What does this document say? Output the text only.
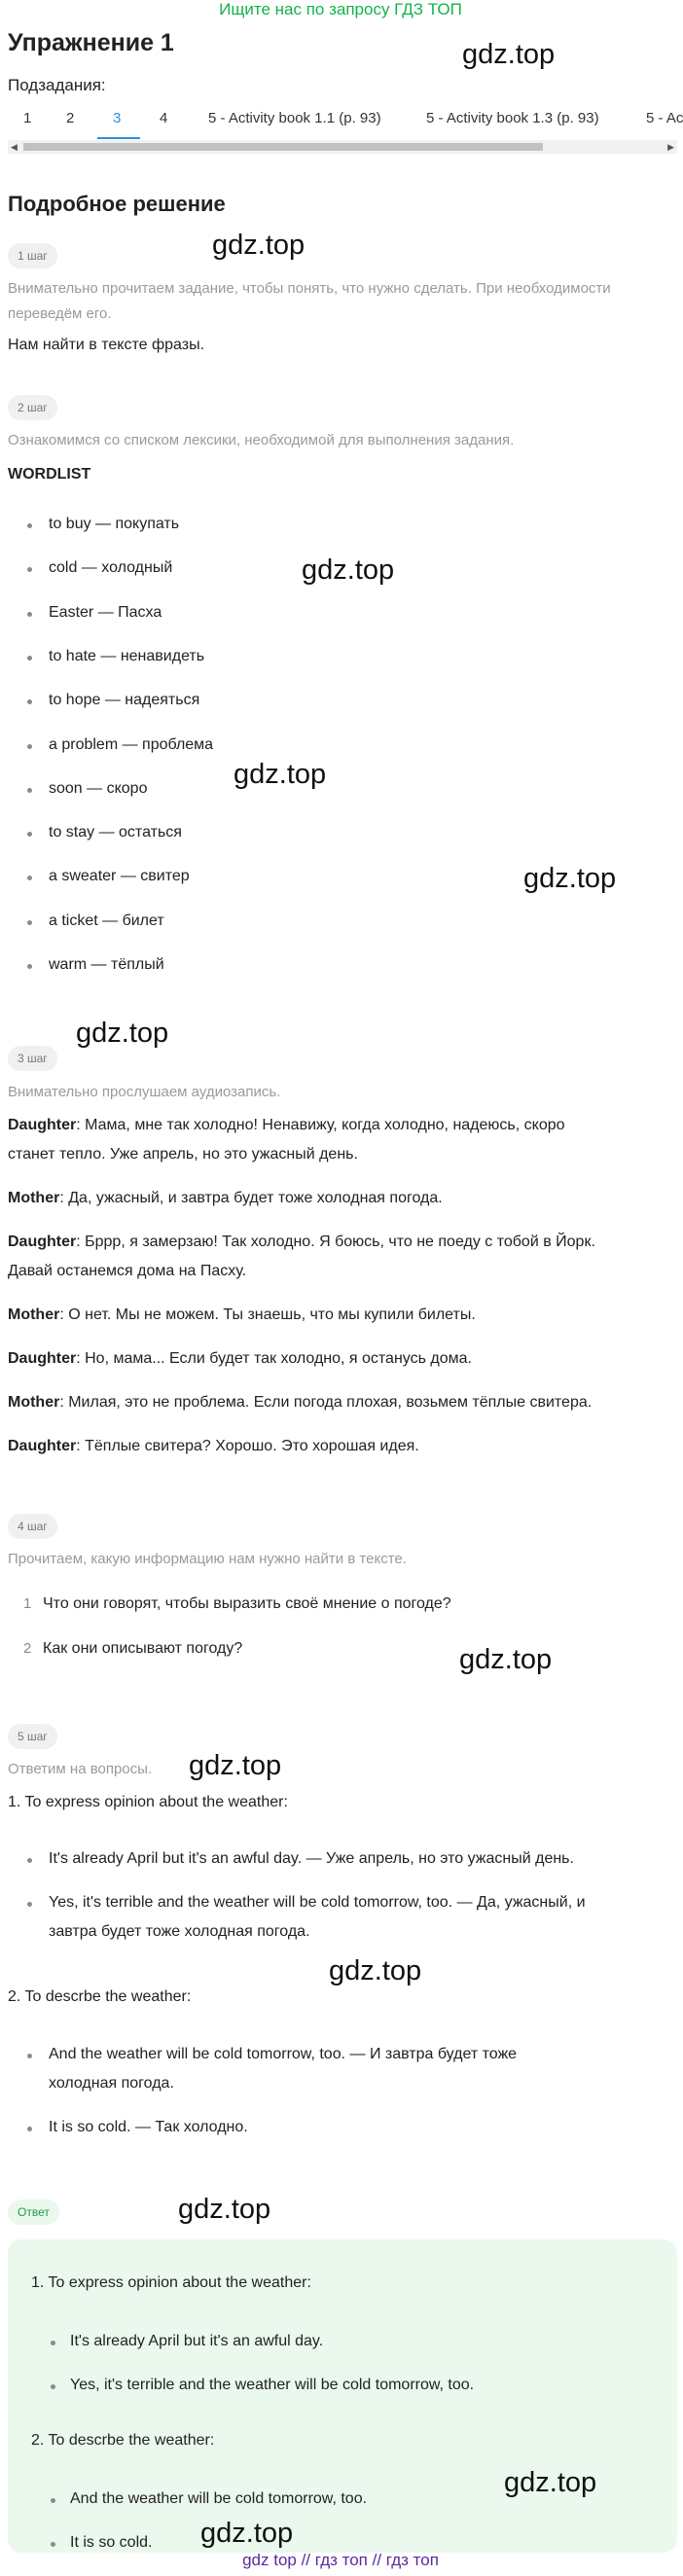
Ищите нас по запросу ГДЗ ТОП
Упражнение 1	gdz.top
Подзадания:
1 2	3	4	5 - Activity book 1.1 (p. 93)	5 - Activity book 1.3 (p. 93)	5 - Ac
◀	▶
Подробное решение
1 шаг	gdz.top
Внимательно прочитаем задание, чтобы понять, что нужно сделать. При необходимости переведём его.
Нам найти в тексте фразы.
2 шаг
Ознакомимся со списком лексики, необходимой для выполнения задания.
WORDLIST
to buy — покупать
cold — холодный
Easter — Пасха
to hate — ненавидеть
to hope — надеяться
a problem — проблема
soon — скоро
to stay — остаться
a sweater — свитер
a ticket — билет
warm — тёплый
gdz.top
gdz.top
gdz.top
gdz.top
3 шаг
Внимательно прослушаем аудиозапись.
Daughter: Мама, мне так холодно! Ненавижу, когда холодно, надеюсь, скоро
станет тепло. Уже апрель, но это ужасный день.
Mother: Да, ужасный, и завтра будет тоже холодная погода.
Daughter: Бррр, я замерзаю! Так холодно. Я боюсь, что не поеду с тобой в Йорк.
Давай останемся дома на Пасху.
Mother: О нет. Мы не можем. Ты знаешь, что мы купили билеты.
Daughter: Но, мама... Если будет так холодно, я останусь дома.
Mother: Милая, это не проблема. Если погода плохая, возьмем тёплые свитера.
Daughter: Тёплые свитера? Хорошо. Это хорошая идея.
4 шаг
Прочитаем, какую информацию нам нужно найти в тексте.
1 Что они говорят, чтобы выразить своё мнение о погоде?
2 Как они описывают погоду?	gdz.top
5 шаг
gdz.top
Ответим на вопросы.
1. To express opinion about the weather:
It's already April but it's an awful day. — Уже апрель, но это ужасный день.
Yes, it's terrible and the weather will be cold tomorrow, too. — Да, ужасный, и
завтра будет тоже холодная погода.
gdz.top
2. To descrbe the weather:
And the weather will be cold tomorrow, too. — И завтра будет тоже
холодная погода.
It is so cold. — Так холодно.
Ответ	gdz.top
1. To express opinion about the weather:
It's already April but it's an awful day.
Yes, it's terrible and the weather will be cold tomorrow, too.
2. To descrbe the weather:
And the weather will be cold tomorrow, too.
It is so cold.
gdz.top
gdz.top
gdz top // гдз топ // гдз топ
